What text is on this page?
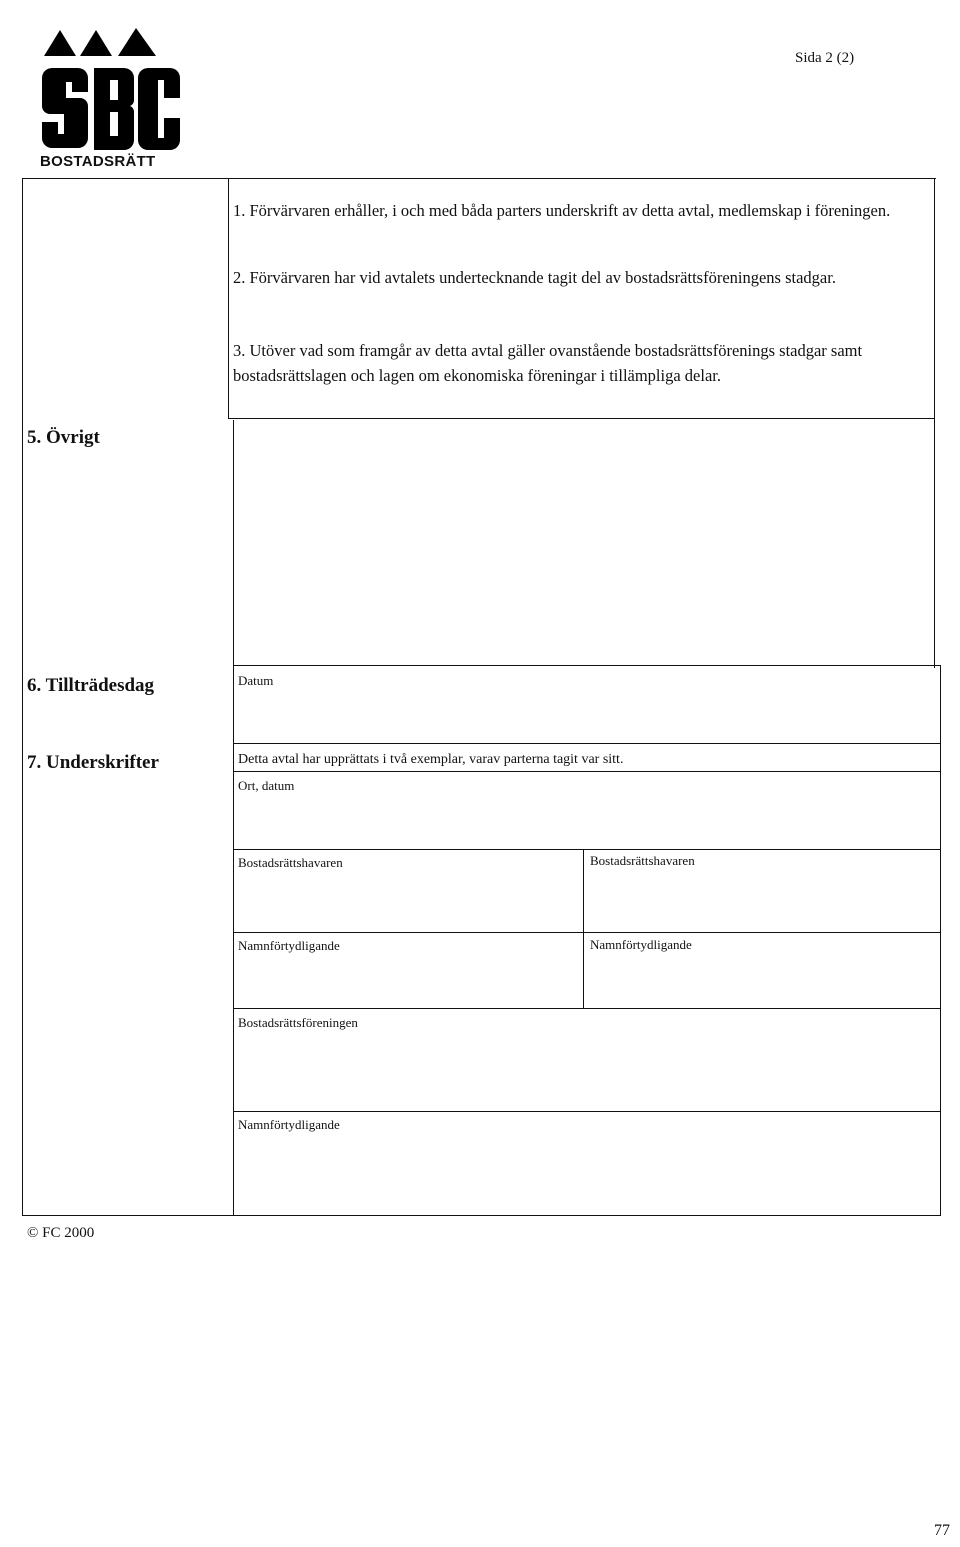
BOSTADSRÄTT
Sida 2 (2)
1. Förvärvaren erhåller, i och med båda parters underskrift av detta avtal, medlemskap i föreningen.
2. Förvärvaren har vid avtalets undertecknande tagit del av bostadsrättsföreningens stadgar.
3. Utöver vad som framgår av detta avtal gäller ovanstående bostadsrättsförenings stadgar samt bostadsrättslagen och lagen om ekonomiska föreningar i tillämpliga delar.
5. Övrigt
6. Tillträdesdag
7. Underskrifter
Datum
Detta avtal har upprättats i två exemplar, varav parterna tagit var sitt.
Ort, datum
Bostadsrättshavaren	Bostadsrättshavaren
Namnförtydligande	Namnförtydligande
Bostadsrättsföreningen
Namnförtydligande
© FC 2000
77
